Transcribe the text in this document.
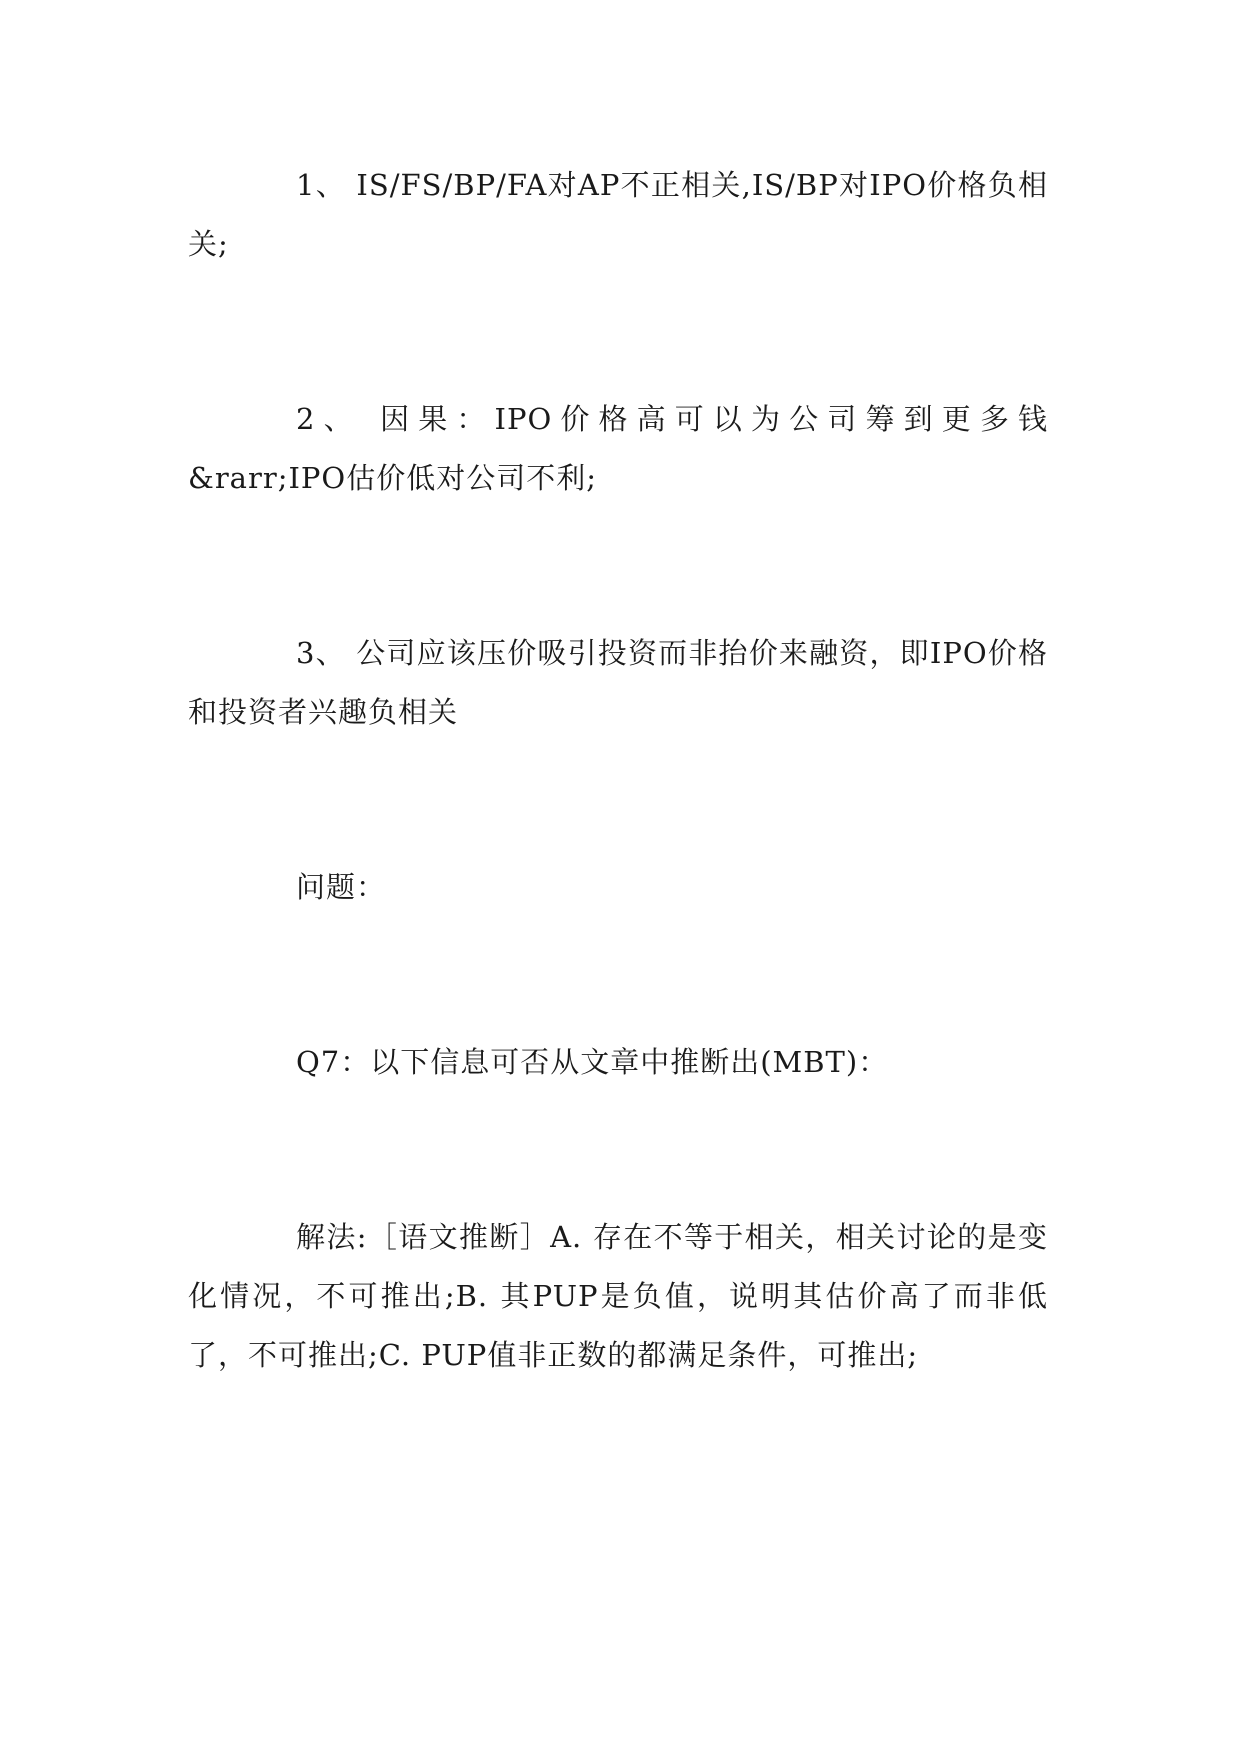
1、 IS/FS/BP/FA对AP不正相关,IS/BP对IPO价格负相关;

2、 因果：IPO价格高可以为公司筹到更多钱&rarr;IPO估价低对公司不利;

3、 公司应该压价吸引投资而非抬价来融资，即IPO价格和投资者兴趣负相关

问题：

Q7：以下信息可否从文章中推断出(MBT)：

解法:［语文推断］A. 存在不等于相关，相关讨论的是变化情况，不可推出;B. 其PUP是负值，说明其估价高了而非低了，不可推出;C. PUP值非正数的都满足条件，可推出;
